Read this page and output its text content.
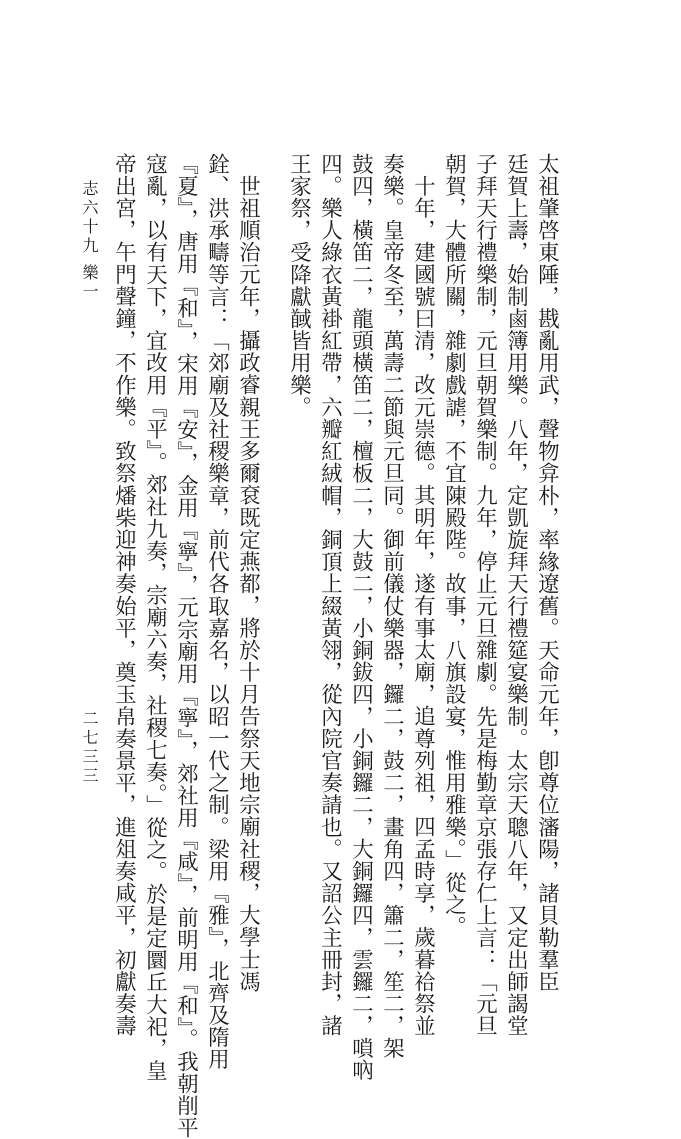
太祖肇啓東陲，戡亂用武，聲物弇朴，率緣遼舊。天命元年，卽尊位瀋陽，諸貝勒羣臣
廷賀上壽，始制鹵簿用樂。八年，定凱旋拜天行禮筵宴樂制。太宗天聰八年，又定出師謁堂
子拜天行禮樂制，元旦朝賀樂制。九年，停止元旦雜劇。先是梅勤章京張存仁上言：「元旦
朝賀，大體所關，雜劇戲謔，不宜陳殿陛。故事，八旗設宴，惟用雅樂。」從之。
十年，建國號曰清，改元崇德。其明年，遂有事太廟，追尊列祖，四孟時享，歲暮祫祭並
奏樂。皇帝冬至，萬壽二節與元旦同。御前儀仗樂器，鑼二，鼓二，畫角四，簫二，笙二，架
鼓四，橫笛二，龍頭橫笛二，檀板二，大鼓二，小銅鈸四，小銅鑼二，大銅鑼四，雲鑼二，嗩吶
四。樂人綠衣黃褂紅帶，六瓣紅絨帽，銅頂上綴黃翎，從內院官奏請也。又詔公主冊封，諸
王家祭，受降獻馘皆用樂。
世祖順治元年，攝政睿親王多爾袞既定燕都，將於十月告祭天地宗廟社稷，大學士馮
銓、洪承疇等言：「郊廟及社稷樂章，前代各取嘉名，以昭一代之制。梁用『雅』，北齊及隋用
『夏』，唐用『和』，宋用『安』，金用『寧』，元宗廟用『寧』，郊社用『咸』，前明用『和』。我朝削平
寇亂，以有天下，宜改用『平』。郊社九奏，宗廟六奏，社稷七奏。」從之。於是定圜丘大祀，皇
帝出宮，午門聲鐘，不作樂。致祭燔柴迎神奏始平，奠玉帛奏景平，進俎奏咸平，初獻奏壽
志六十九 樂一
二七三三
